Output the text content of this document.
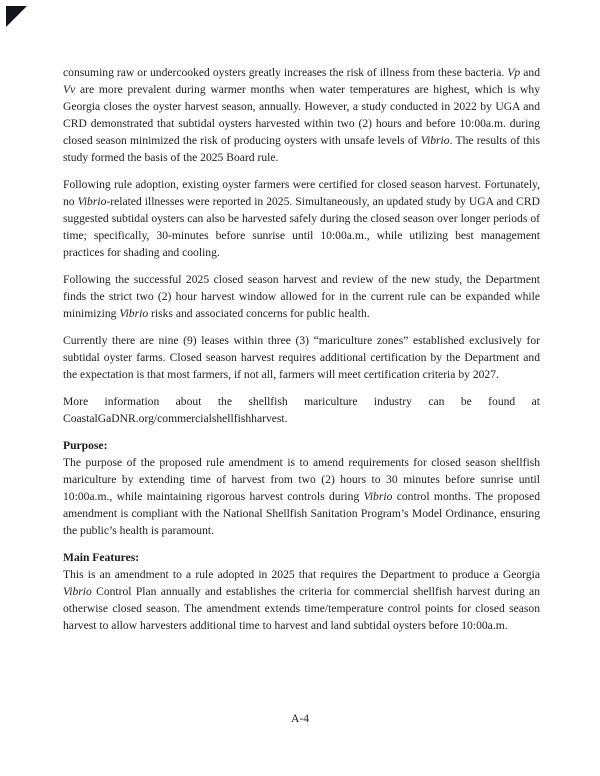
consuming raw or undercooked oysters greatly increases the risk of illness from these bacteria. Vp and Vv are more prevalent during warmer months when water temperatures are highest, which is why Georgia closes the oyster harvest season, annually. However, a study conducted in 2022 by UGA and CRD demonstrated that subtidal oysters harvested within two (2) hours and before 10:00a.m. during closed season minimized the risk of producing oysters with unsafe levels of Vibrio. The results of this study formed the basis of the 2025 Board rule.

Following rule adoption, existing oyster farmers were certified for closed season harvest. Fortunately, no Vibrio-related illnesses were reported in 2025. Simultaneously, an updated study by UGA and CRD suggested subtidal oysters can also be harvested safely during the closed season over longer periods of time; specifically, 30-minutes before sunrise until 10:00a.m., while utilizing best management practices for shading and cooling.

Following the successful 2025 closed season harvest and review of the new study, the Department finds the strict two (2) hour harvest window allowed for in the current rule can be expanded while minimizing Vibrio risks and associated concerns for public health.

Currently there are nine (9) leases within three (3) “mariculture zones” established exclusively for subtidal oyster farms. Closed season harvest requires additional certification by the Department and the expectation is that most farmers, if not all, farmers will meet certification criteria by 2027.

More information about the shellfish mariculture industry can be found at CoastalGaDNR.org/commercialshellfishharvest.

Purpose:

The purpose of the proposed rule amendment is to amend requirements for closed season shellfish mariculture by extending time of harvest from two (2) hours to 30 minutes before sunrise until 10:00a.m., while maintaining rigorous harvest controls during Vibrio control months. The proposed amendment is compliant with the National Shellfish Sanitation Program’s Model Ordinance, ensuring the public’s health is paramount.

Main Features:

This is an amendment to a rule adopted in 2025 that requires the Department to produce a Georgia Vibrio Control Plan annually and establishes the criteria for commercial shellfish harvest during an otherwise closed season. The amendment extends time/temperature control points for closed season harvest to allow harvesters additional time to harvest and land subtidal oysters before 10:00a.m.

A-4
